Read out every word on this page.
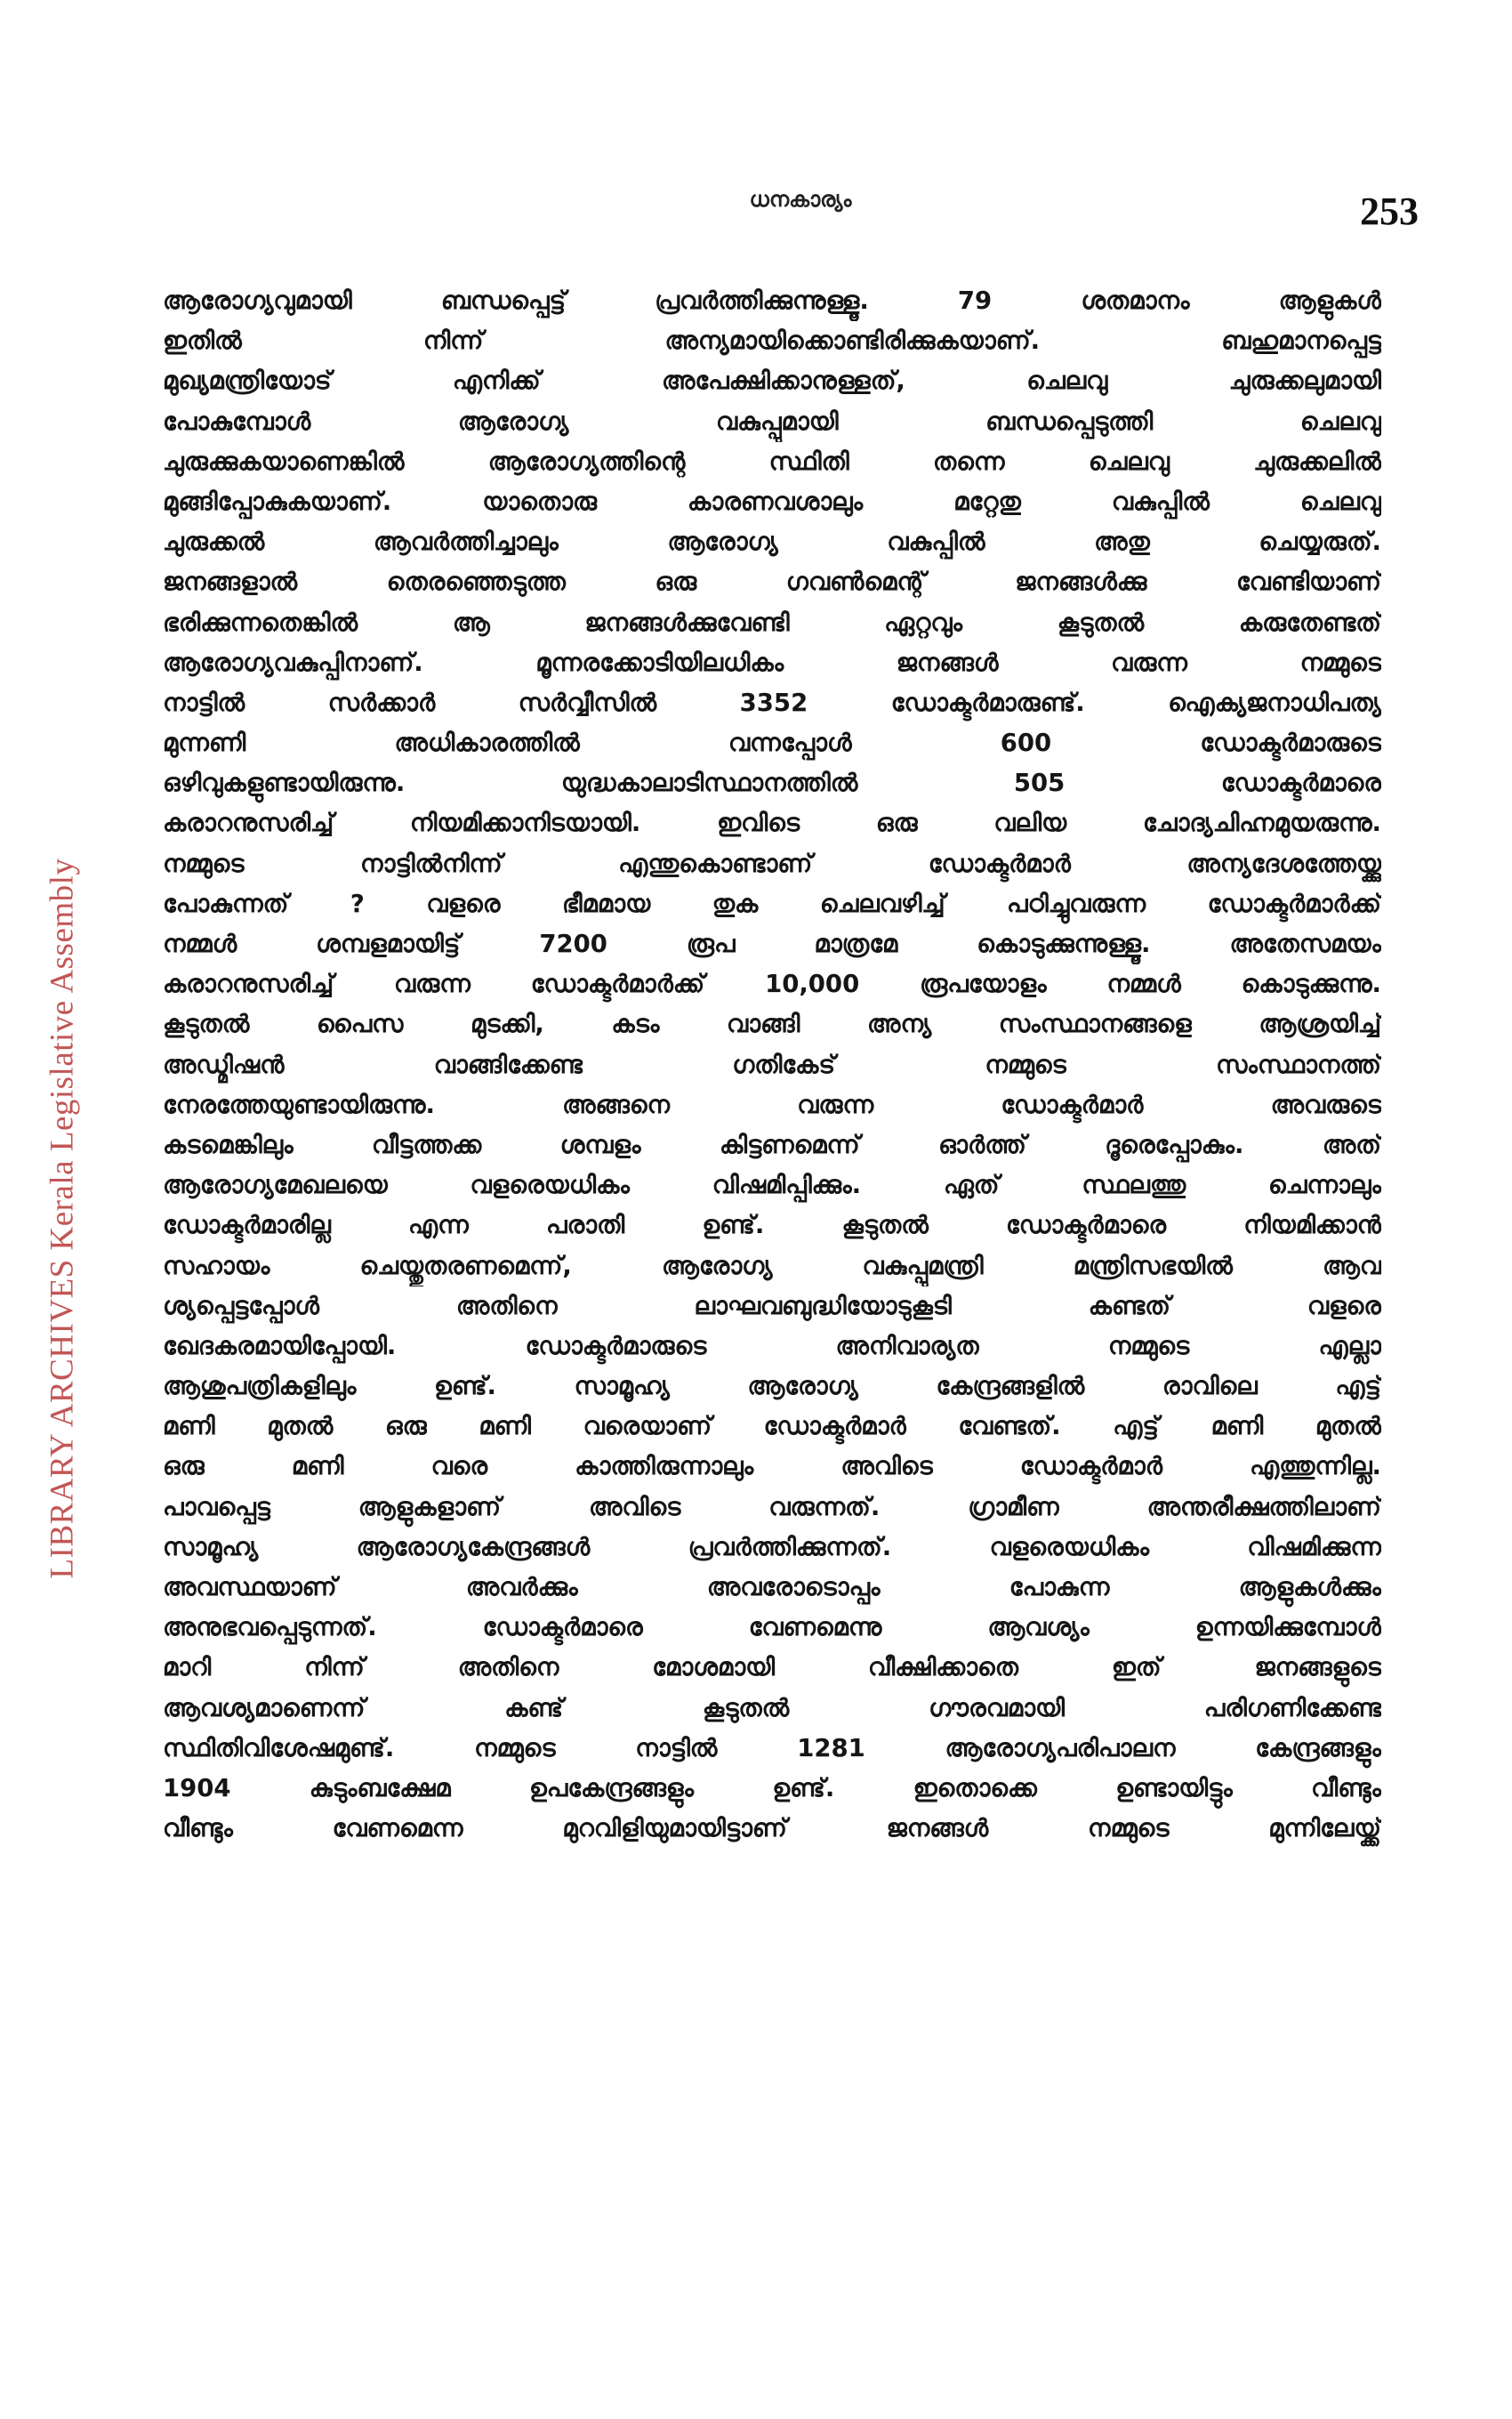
LIBRARY ARCHIVES Kerala Legislative Assembly
ധനകാര്യം	253
ആരോഗ്യവുമായി ബന്ധപ്പെട്ട് പ്രവർത്തിക്കുന്നുള്ളൂ. 79 ശതമാനം ആളുകൾ
ഇതിൽ നിന്ന് അന്യമായിക്കൊണ്ടിരിക്കുകയാണ്. ബഹുമാനപ്പെട്ട
മുഖ്യമന്ത്രിയോട് എനിക്ക് അപേക്ഷിക്കാനുള്ളത്, ചെലവു ചുരുക്കലുമായി
പോകുമ്പോൾ ആരോഗ്യ വകുപ്പുമായി ബന്ധപ്പെടുത്തി ചെലവു
ചുരുക്കുകയാണെങ്കിൽ ആരോഗ്യത്തിന്റെ സ്ഥിതി തന്നെ ചെലവു ചുരുക്കലിൽ
മുങ്ങിപ്പോകുകയാണ്. യാതൊരു കാരണവശാലും മറ്റേതു വകുപ്പിൽ ചെലവു
ചുരുക്കൽ ആവർത്തിച്ചാലും ആരോഗ്യ വകുപ്പിൽ അതു ചെയ്യരുത്.
ജനങ്ങളാൽ തെരഞ്ഞെടുത്ത ഒരു ഗവൺമെന്റ് ജനങ്ങൾക്കു വേണ്ടിയാണ്
ഭരിക്കുന്നതെങ്കിൽ ആ ജനങ്ങൾക്കുവേണ്ടി ഏറ്റവും കൂടുതൽ കരുതേണ്ടത്
ആരോഗ്യവകുപ്പിനാണ്. മൂന്നരക്കോടിയിലധികം ജനങ്ങൾ വരുന്ന നമ്മുടെ
നാട്ടിൽ സർക്കാർ സർവ്വീസിൽ 3352 ഡോക്ടർമാരുണ്ട്. ഐക്യജനാധിപത്യ
മുന്നണി അധികാരത്തിൽ വന്നപ്പോൾ 600 ഡോക്ടർമാരുടെ
ഒഴിവുകളുണ്ടായിരുന്നു. യുദ്ധകാലാടിസ്ഥാനത്തിൽ 505 ഡോക്ടർമാരെ
കരാറനുസരിച്ച് നിയമിക്കാനിടയായി. ഇവിടെ ഒരു വലിയ ചോദ്യചിഹ്നമുയരുന്നു.
നമ്മുടെ നാട്ടിൽനിന്ന് എന്തുകൊണ്ടാണ് ഡോക്ടർമാർ അന്യദേശത്തേയ്ക്കു
പോകുന്നത് ? വളരെ ഭീമമായ തുക ചെലവഴിച്ച് പഠിച്ചുവരുന്ന ഡോക്ടർമാർക്ക്
നമ്മൾ ശമ്പളമായിട്ട് 7200 രൂപ മാത്രമേ കൊടുക്കുന്നുള്ളൂ. അതേസമയം
കരാറനുസരിച്ച് വരുന്ന ഡോക്ടർമാർക്ക് 10,000 രൂപയോളം നമ്മൾ കൊടുക്കുന്നു.
കൂടുതൽ പൈസ മുടക്കി, കടം വാങ്ങി അന്യ സംസ്ഥാനങ്ങളെ ആശ്രയിച്ച്
അഡ്മിഷൻ വാങ്ങിക്കേണ്ട ഗതികേട് നമ്മുടെ സംസ്ഥാനത്ത്
നേരത്തേയുണ്ടായിരുന്നു. അങ്ങനെ വരുന്ന ഡോക്ടർമാർ അവരുടെ
കടമെങ്കിലും വീട്ടത്തക്ക ശമ്പളം കിട്ടണമെന്ന് ഓർത്ത് ദൂരെപ്പോകും. അത്
ആരോഗ്യമേഖലയെ വളരെയധികം വിഷമിപ്പിക്കും. ഏത് സ്ഥലത്തു ചെന്നാലും
ഡോക്ടർമാരില്ല എന്ന പരാതി ഉണ്ട്. കൂടുതൽ ഡോക്ടർമാരെ നിയമിക്കാൻ
സഹായം ചെയ്തുതരണമെന്ന്, ആരോഗ്യ വകുപ്പുമന്ത്രി മന്ത്രിസഭയിൽ ആവ
ശ്യപ്പെട്ടപ്പോൾ അതിനെ ലാഘവബുദ്ധിയോടുകൂടി കണ്ടത് വളരെ
ഖേദകരമായിപ്പോയി. ഡോക്ടർമാരുടെ അനിവാര്യത നമ്മുടെ എല്ലാ
ആശുപത്രികളിലും ഉണ്ട്. സാമൂഹ്യ ആരോഗ്യ കേന്ദ്രങ്ങളിൽ രാവിലെ എട്ട്
മണി മുതൽ ഒരു മണി വരെയാണ് ഡോക്ടർമാർ വേണ്ടത്. എട്ട് മണി മുതൽ
ഒരു മണി വരെ കാത്തിരുന്നാലും അവിടെ ഡോക്ടർമാർ എത്തുന്നില്ല.
പാവപ്പെട്ട ആളുകളാണ് അവിടെ വരുന്നത്. ഗ്രാമീണ അന്തരീക്ഷത്തിലാണ്
സാമൂഹ്യ ആരോഗ്യകേന്ദ്രങ്ങൾ പ്രവർത്തിക്കുന്നത്. വളരെയധികം വിഷമിക്കുന്ന
അവസ്ഥയാണ് അവർക്കും അവരോടൊപ്പം പോകുന്ന ആളുകൾക്കും
അനുഭവപ്പെടുന്നത്. ഡോക്ടർമാരെ വേണമെന്നു ആവശ്യം ഉന്നയിക്കുമ്പോൾ
മാറി നിന്ന് അതിനെ മോശമായി വീക്ഷിക്കാതെ ഇത് ജനങ്ങളുടെ
ആവശ്യമാണെന്ന് കണ്ട് കൂടുതൽ ഗൗരവമായി പരിഗണിക്കേണ്ട
സ്ഥിതിവിശേഷമുണ്ട്. നമ്മുടെ നാട്ടിൽ 1281 ആരോഗ്യപരിപാലന കേന്ദ്രങ്ങളും
1904 കുടുംബക്ഷേമ ഉപകേന്ദ്രങ്ങളും ഉണ്ട്. ഇതൊക്കെ ഉണ്ടായിട്ടും വീണ്ടും
വീണ്ടും വേണമെന്ന മുറവിളിയുമായിട്ടാണ് ജനങ്ങൾ നമ്മുടെ മുന്നിലേയ്ക്ക്
